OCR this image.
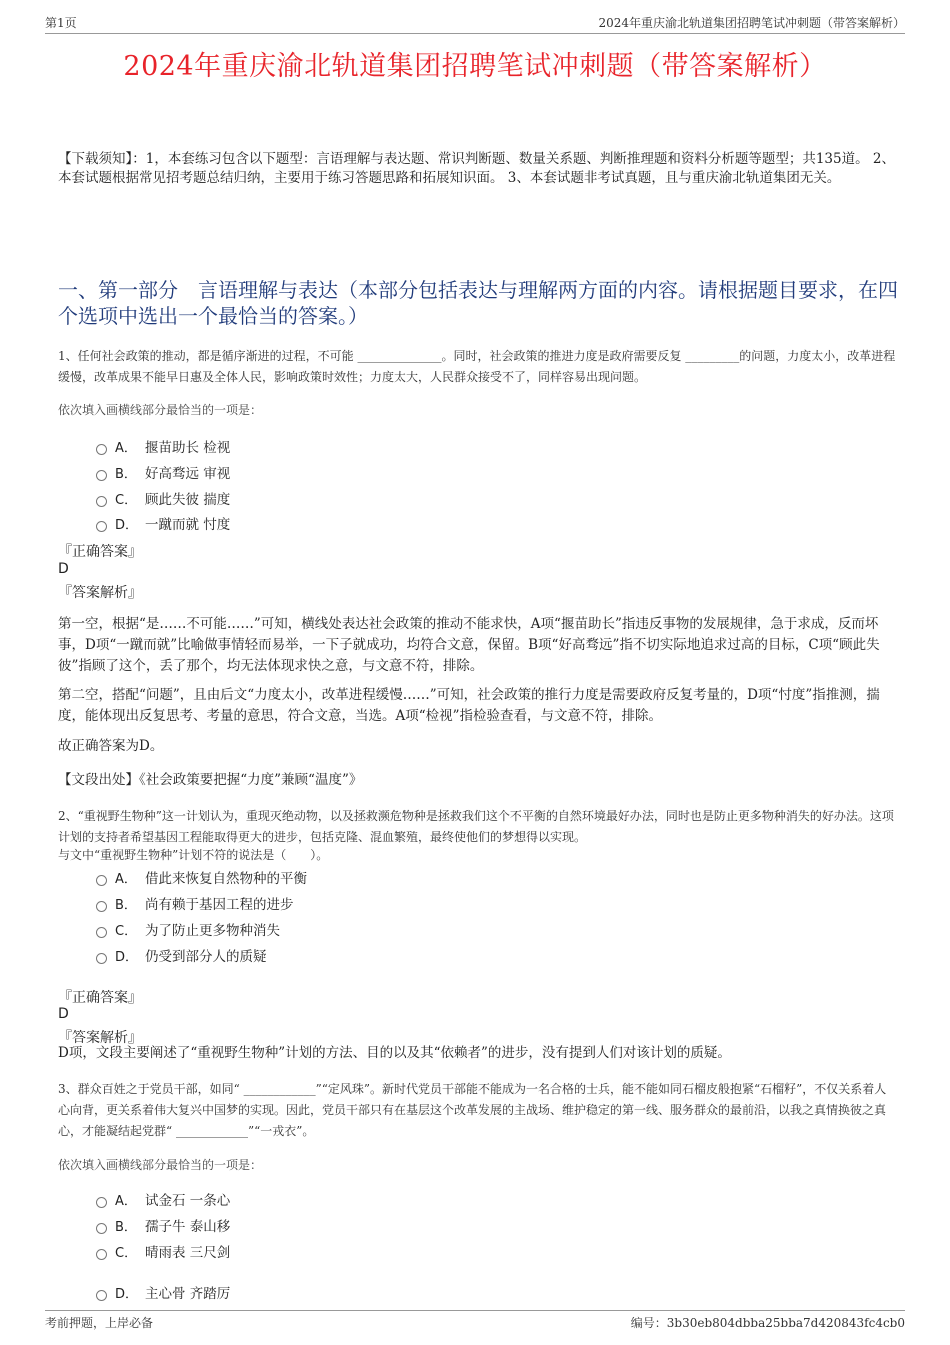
第1页	2024年重庆渝北轨道集团招聘笔试冲刺题（带答案解析）
2024年重庆渝北轨道集团招聘笔试冲刺题（带答案解析）
【下载须知】：1，本套练习包含以下题型：言语理解与表达题、常识判断题、数量关系题、判断推理题和资料分析题等题型；共135道。 2、本套试题根据常见招考题总结归纳，主要用于练习答题思路和拓展知识面。 3、本套试题非考试真题，且与重庆渝北轨道集团无关。
一、第一部分　言语理解与表达（本部分包括表达与理解两方面的内容。请根据题目要求，在四个选项中选出一个最恰当的答案。）
1、任何社会政策的推动，都是循序渐进的过程，不可能 ______________。同时，社会政策的推进力度是政府需要反复 _________的问题，力度太小，改革进程缓慢，改革成果不能早日惠及全体人民，影响政策时效性；力度太大，人民群众接受不了，同样容易出现问题。
依次填入画横线部分最恰当的一项是：
A． 揠苗助长 检视
B． 好高骛远 审视
C． 顾此失彼 揣度
D． 一蹴而就 忖度
『正确答案』
D
『答案解析』
第一空，根据“是……不可能……”可知，横线处表达社会政策的推动不能求快，A项“揠苗助长”指违反事物的发展规律，急于求成，反而坏事，D项“一蹴而就”比喻做事情轻而易举，一下子就成功，均符合文意，保留。B项“好高骛远”指不切实际地追求过高的目标，C项“顾此失彼”指顾了这个，丢了那个，均无法体现求快之意，与文意不符，排除。
第二空，搭配“问题”，且由后文“力度太小，改革进程缓慢……”可知，社会政策的推行力度是需要政府反复考量的，D项“忖度”指推测，揣度，能体现出反复思考、考量的意思，符合文意，当选。A项“检视”指检验查看，与文意不符，排除。
故正确答案为D。
【文段出处】《社会政策要把握“力度”兼顾“温度”》
2、“重视野生物种”这一计划认为，重现灭绝动物，以及拯救濒危物种是拯救我们这个不平衡的自然环境最好办法，同时也是防止更多物种消失的好办法。这项计划的支持者希望基因工程能取得更大的进步，包括克隆、混血繁殖，最终使他们的梦想得以实现。
与文中“重视野生物种”计划不符的说法是（　　）。
A． 借此来恢复自然物种的平衡
B． 尚有赖于基因工程的进步
C． 为了防止更多物种消失
D． 仍受到部分人的质疑
『正确答案』
D
『答案解析』
D项，文段主要阐述了“重视野生物种”计划的方法、目的以及其“依赖者”的进步，没有提到人们对该计划的质疑。
3、群众百姓之于党员干部，如同“ ____________”“定风珠”。新时代党员干部能不能成为一名合格的士兵，能不能如同石榴皮般抱紧“石榴籽”，不仅关系着人心向背，更关系着伟大复兴中国梦的实现。因此，党员干部只有在基层这个改革发展的主战场、维护稳定的第一线、服务群众的最前沿，以我之真情换彼之真心，才能凝结起党群“ ____________”“一戎衣”。
依次填入画横线部分最恰当的一项是：
A． 试金石 一条心
B． 孺子牛 泰山移
C． 晴雨表 三尺剑
D． 主心骨 齐踏厉
考前押题，上岸必备	编号：3b30eb804dbba25bba7d420843fc4cb0
